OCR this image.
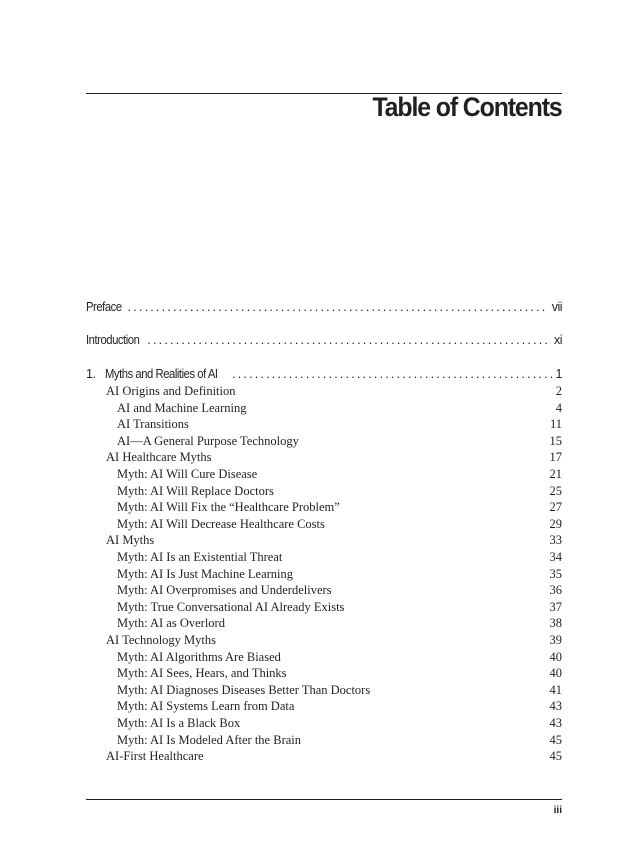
Table of Contents
Preface .....	vii
Introduction .....	xi
1. Myths and Realities of AI .....	1
AI Origins and Definition	2
AI and Machine Learning	4
AI Transitions	11
AI—A General Purpose Technology	15
AI Healthcare Myths	17
Myth: AI Will Cure Disease	21
Myth: AI Will Replace Doctors	25
Myth: AI Will Fix the “Healthcare Problem”	27
Myth: AI Will Decrease Healthcare Costs	29
AI Myths	33
Myth: AI Is an Existential Threat	34
Myth: AI Is Just Machine Learning	35
Myth: AI Overpromises and Underdelivers	36
Myth: True Conversational AI Already Exists	37
Myth: AI as Overlord	38
AI Technology Myths	39
Myth: AI Algorithms Are Biased	40
Myth: AI Sees, Hears, and Thinks	40
Myth: AI Diagnoses Diseases Better Than Doctors	41
Myth: AI Systems Learn from Data	43
Myth: AI Is a Black Box	43
Myth: AI Is Modeled After the Brain	45
AI-First Healthcare	45
iii
